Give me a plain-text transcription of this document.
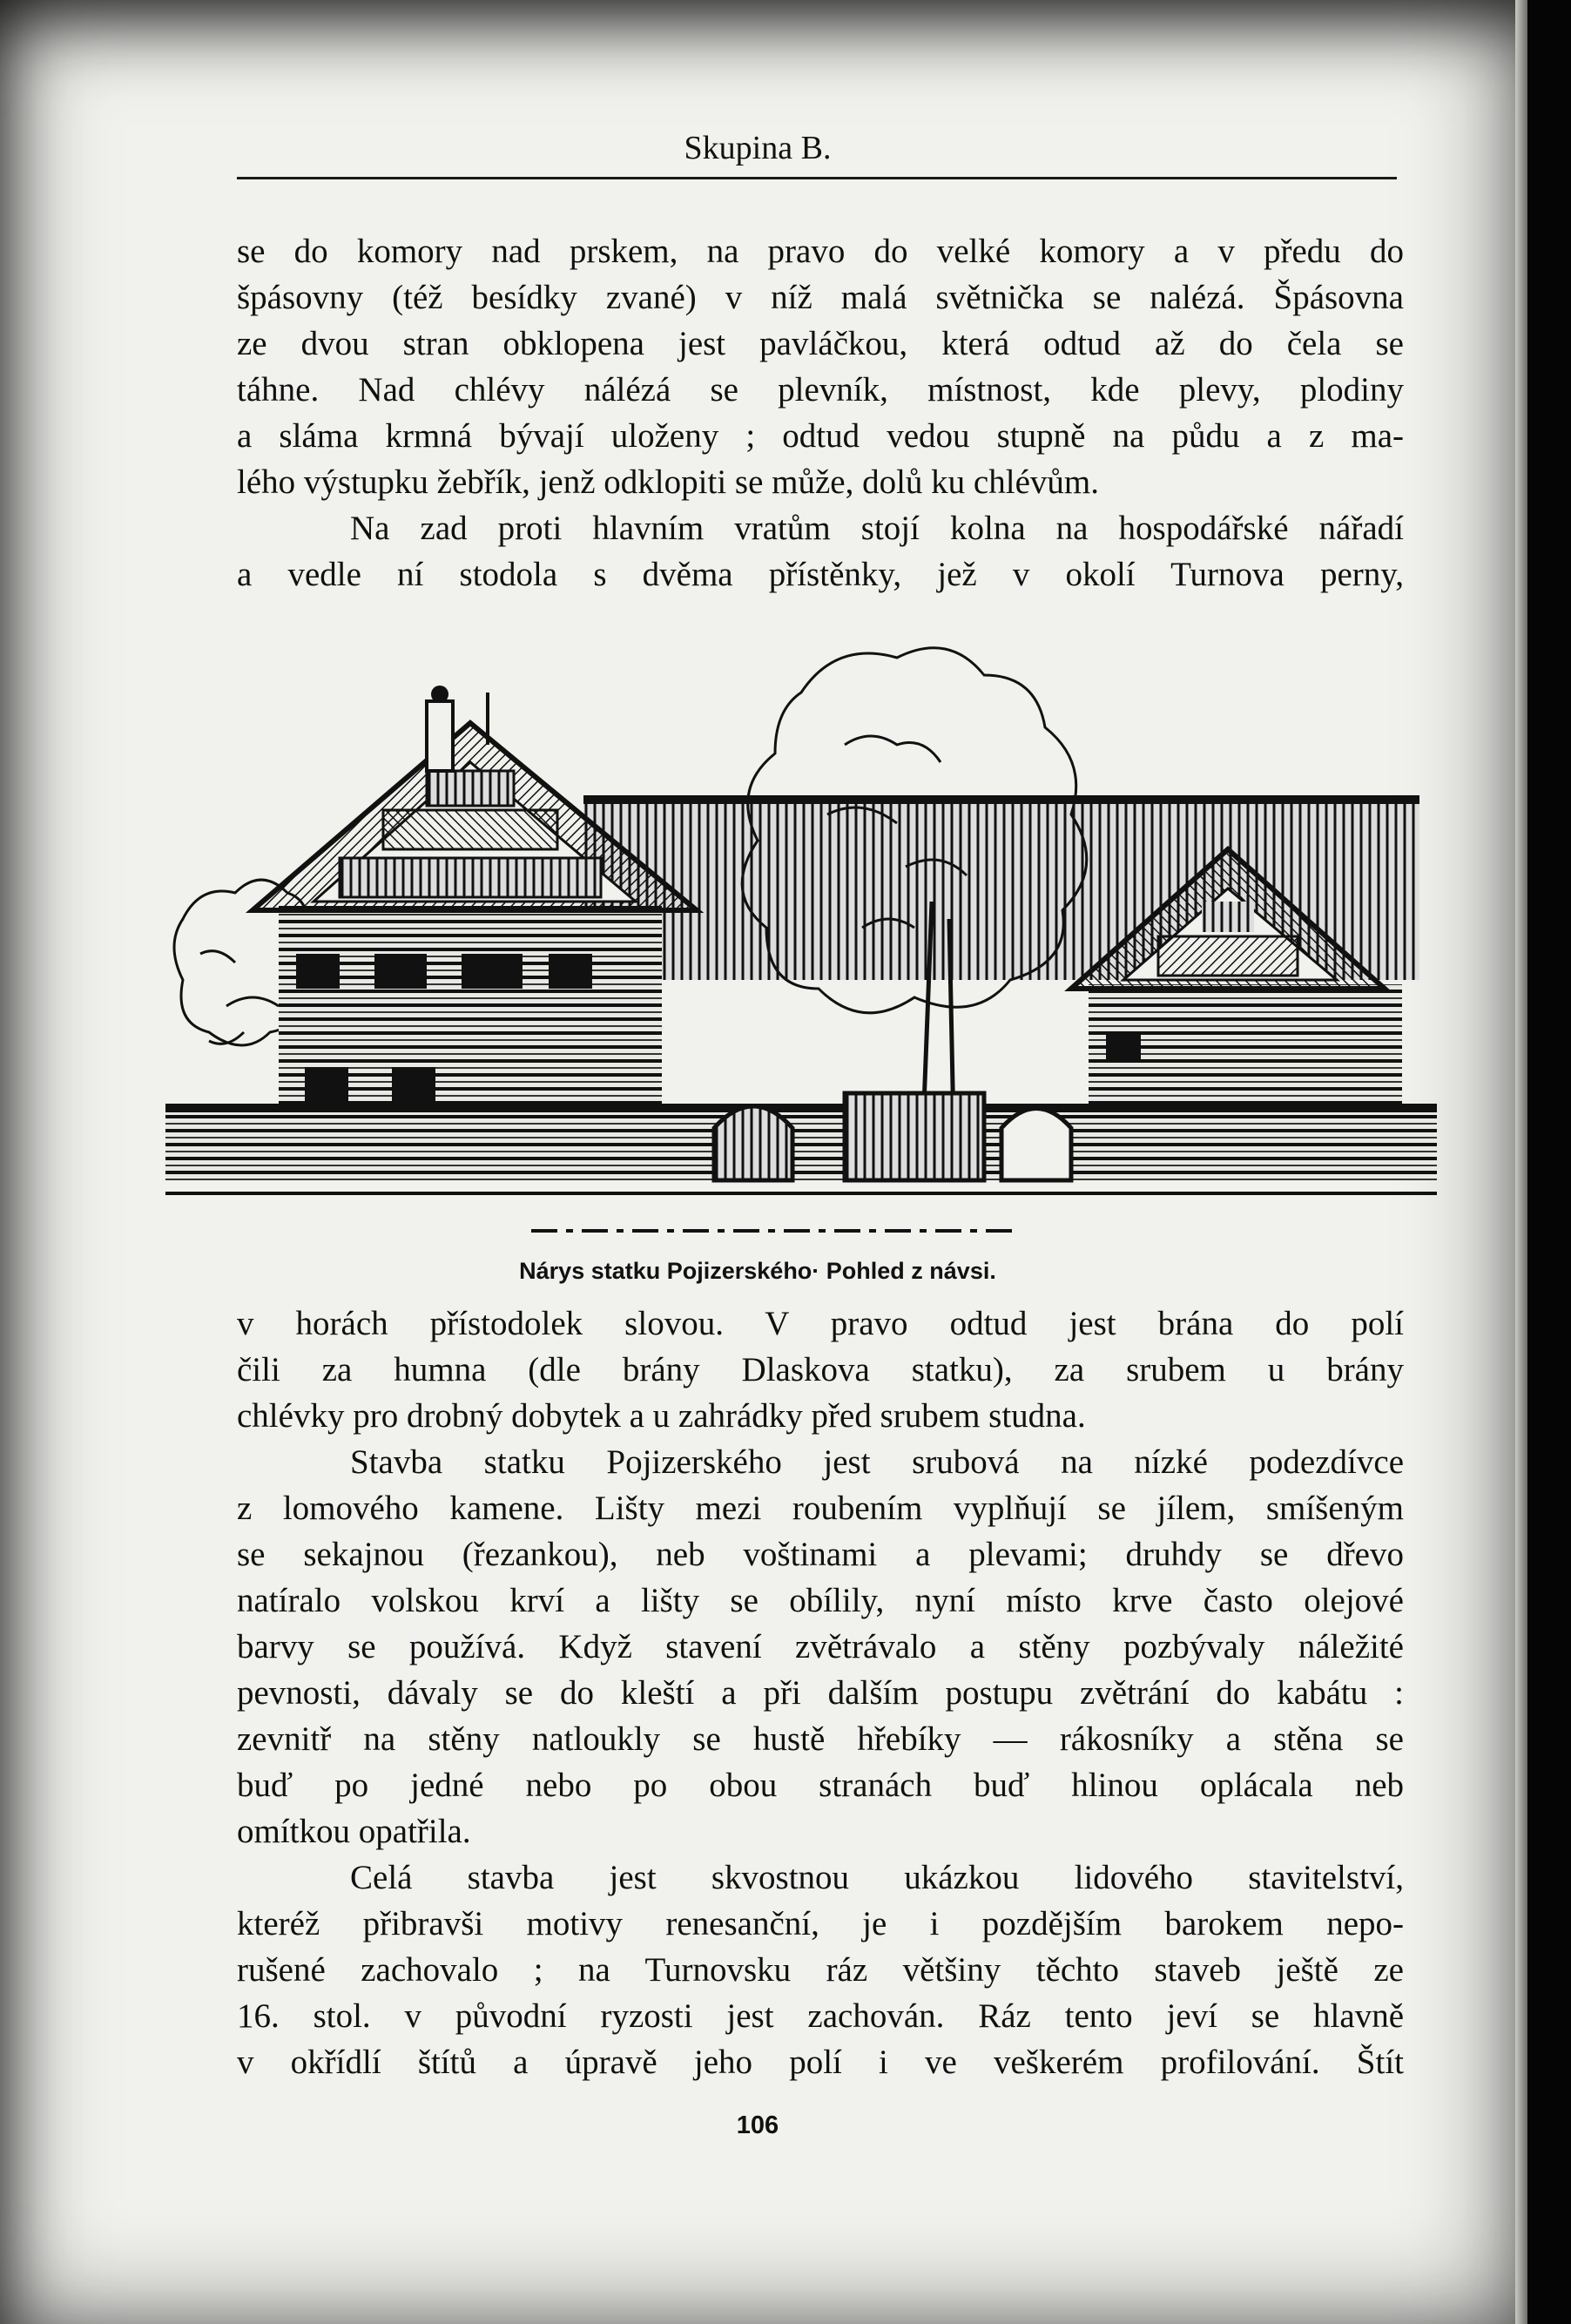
Skupina B.

se do komory nad prskem, na pravo do velké komory a v předu do

špásovny (též besídky zvané) v níž malá světnička se nalézá. Špásovna

ze dvou stran obklopena jest pavláčkou, která odtud až do čela se

táhne. Nad chlévy nálézá se plevník, místnost, kde plevy, plodiny

a sláma krmná bývají uloženy ; odtud vedou stupně na půdu a z ma-

lého výstupku žebřík, jenž odklopiti se může, dolů ku chlévům.

Na zad proti hlavním vratům stojí kolna na hospodářské nářadí

a vedle ní stodola s dvěma přístěnky, jež v okolí Turnova perny,

Nárys statku Pojizerského· Pohled z návsi.

v horách přístodolek slovou. V pravo odtud jest brána do polí

čili za humna (dle brány Dlaskova statku), za srubem u brány

chlévky pro drobný dobytek a u zahrádky před srubem studna.

Stavba statku Pojizerského jest srubová na nízké podezdívce

z lomového kamene. Lišty mezi roubením vyplňují se jílem, smíšeným

se sekajnou (řezankou), neb voštinami a plevami; druhdy se dřevo

natíralo volskou krví a lišty se obílily, nyní místo krve často olejové

barvy se používá. Když stavení zvětrávalo a stěny pozbývaly náležité

pevnosti, dávaly se do kleští a při dalším postupu zvětrání do kabátu :

zevnitř na stěny natloukly se hustě hřebíky — rákosníky a stěna se

buď po jedné nebo po obou stranách buď hlinou oplácala neb

omítkou opatřila.

Celá stavba jest skvostnou ukázkou lidového stavitelství,

kteréž přibravši motivy renesanční, je i pozdějším barokem nepo-

rušené zachovalo ; na Turnovsku ráz většiny těchto staveb ještě ze

16. stol. v původní ryzosti jest zachován. Ráz tento jeví se hlavně

v okřídlí štítů a úpravě jeho polí i ve veškerém profilování. Štít

106
